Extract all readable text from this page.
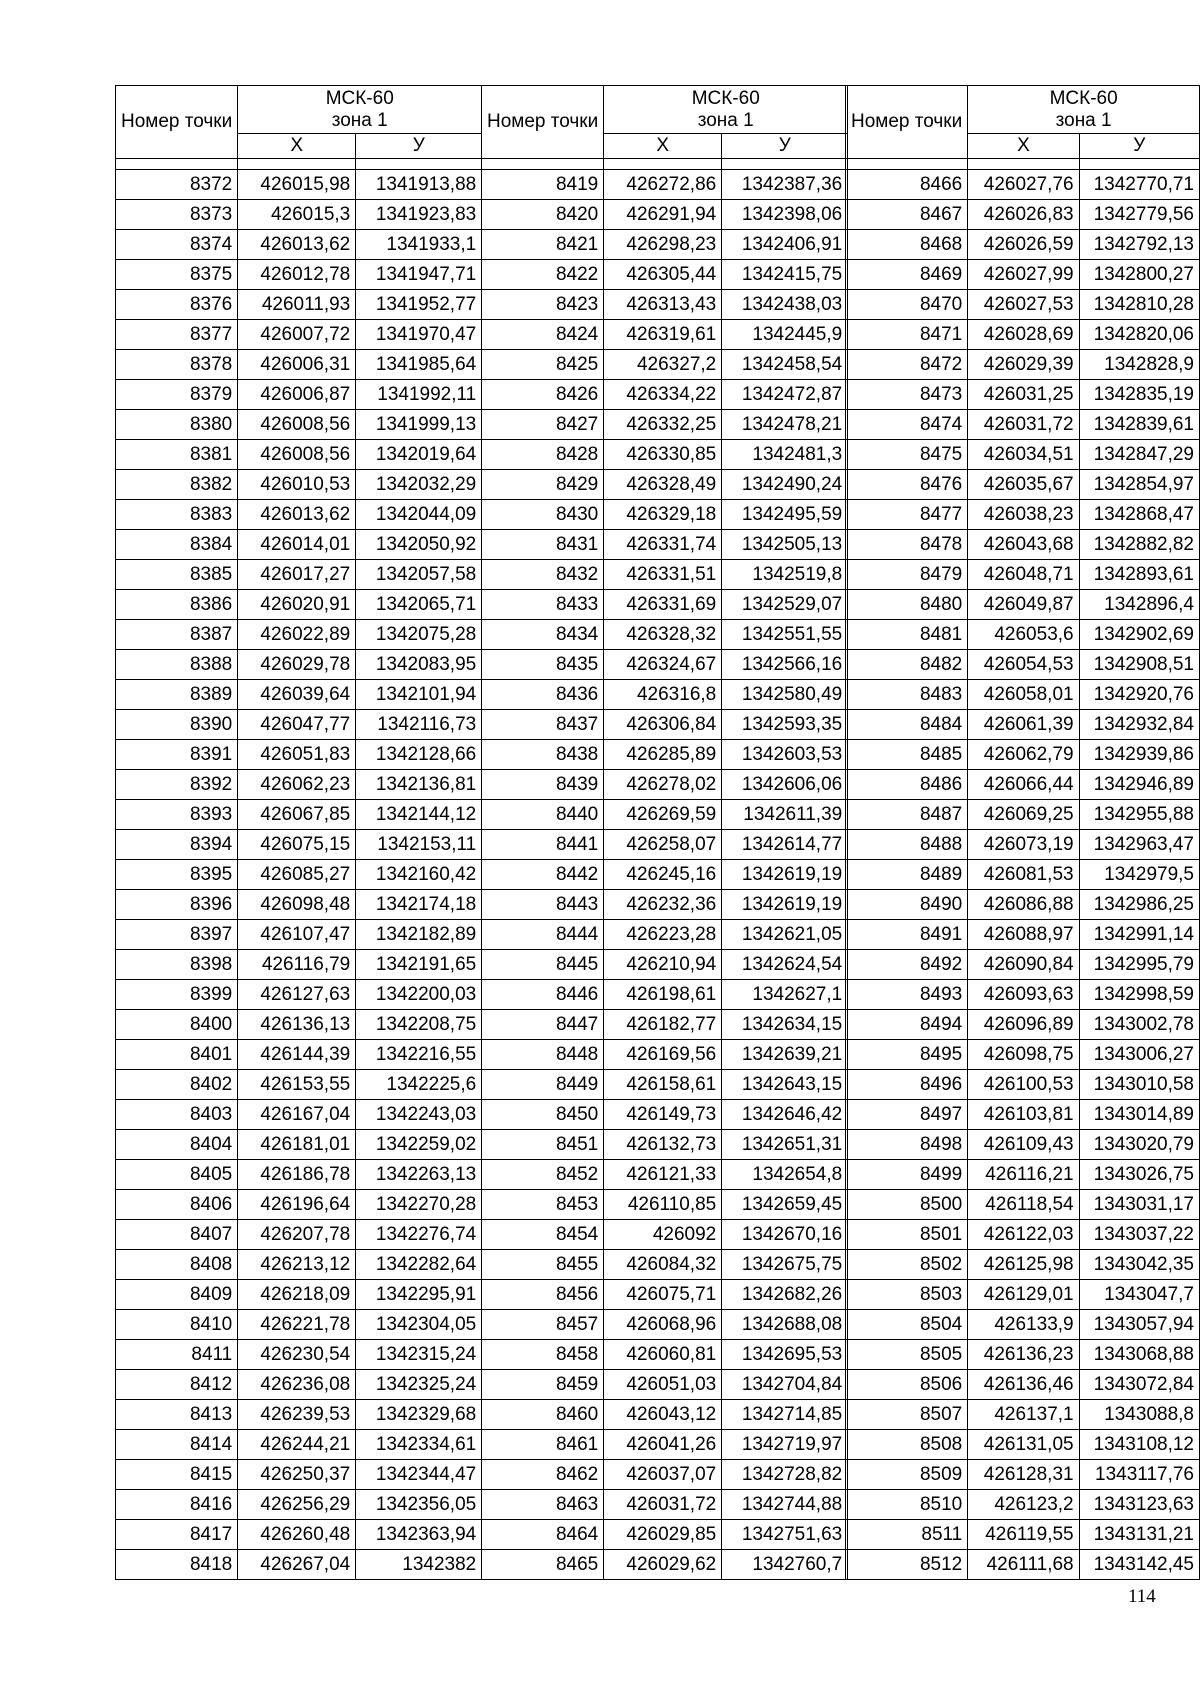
Номер точки	МСК-60
зона 1	

	Х	У

8372	426015,98	1341913,88
8373	426015,3	1341923,83
8374	426013,62	1341933,1
8375	426012,78	1341947,71
8376	426011,93	1341952,77
8377	426007,72	1341970,47
8378	426006,31	1341985,64
8379	426006,87	1341992,11
8380	426008,56	1341999,13
8381	426008,56	1342019,64
8382	426010,53	1342032,29
8383	426013,62	1342044,09
8384	426014,01	1342050,92
8385	426017,27	1342057,58
8386	426020,91	1342065,71
8387	426022,89	1342075,28
8388	426029,78	1342083,95
8389	426039,64	1342101,94
8390	426047,77	1342116,73
8391	426051,83	1342128,66
8392	426062,23	1342136,81
8393	426067,85	1342144,12
8394	426075,15	1342153,11
8395	426085,27	1342160,42
8396	426098,48	1342174,18
8397	426107,47	1342182,89
8398	426116,79	1342191,65
8399	426127,63	1342200,03
8400	426136,13	1342208,75
8401	426144,39	1342216,55
8402	426153,55	1342225,6
8403	426167,04	1342243,03
8404	426181,01	1342259,02
8405	426186,78	1342263,13
8406	426196,64	1342270,28
8407	426207,78	1342276,74
8408	426213,12	1342282,64
8409	426218,09	1342295,91
8410	426221,78	1342304,05
8411	426230,54	1342315,24
8412	426236,08	1342325,24
8413	426239,53	1342329,68
8414	426244,21	1342334,61
8415	426250,37	1342344,47
8416	426256,29	1342356,05
8417	426260,48	1342363,94
8418	426267,04	1342382
Номер точки	МСК-60
зона 1	

	Х	У

8419	426272,86	1342387,36
8420	426291,94	1342398,06
8421	426298,23	1342406,91
8422	426305,44	1342415,75
8423	426313,43	1342438,03
8424	426319,61	1342445,9
8425	426327,2	1342458,54
8426	426334,22	1342472,87
8427	426332,25	1342478,21
8428	426330,85	1342481,3
8429	426328,49	1342490,24
8430	426329,18	1342495,59
8431	426331,74	1342505,13
8432	426331,51	1342519,8
8433	426331,69	1342529,07
8434	426328,32	1342551,55
8435	426324,67	1342566,16
8436	426316,8	1342580,49
8437	426306,84	1342593,35
8438	426285,89	1342603,53
8439	426278,02	1342606,06
8440	426269,59	1342611,39
8441	426258,07	1342614,77
8442	426245,16	1342619,19
8443	426232,36	1342619,19
8444	426223,28	1342621,05
8445	426210,94	1342624,54
8446	426198,61	1342627,1
8447	426182,77	1342634,15
8448	426169,56	1342639,21
8449	426158,61	1342643,15
8450	426149,73	1342646,42
8451	426132,73	1342651,31
8452	426121,33	1342654,8
8453	426110,85	1342659,45
8454	426092	1342670,16
8455	426084,32	1342675,75
8456	426075,71	1342682,26
8457	426068,96	1342688,08
8458	426060,81	1342695,53
8459	426051,03	1342704,84
8460	426043,12	1342714,85
8461	426041,26	1342719,97
8462	426037,07	1342728,82
8463	426031,72	1342744,88
8464	426029,85	1342751,63
8465	426029,62	1342760,7
Номер точки	МСК-60
зона 1	

	Х	У

8466	426027,76	1342770,71
8467	426026,83	1342779,56
8468	426026,59	1342792,13
8469	426027,99	1342800,27
8470	426027,53	1342810,28
8471	426028,69	1342820,06
8472	426029,39	1342828,9
8473	426031,25	1342835,19
8474	426031,72	1342839,61
8475	426034,51	1342847,29
8476	426035,67	1342854,97
8477	426038,23	1342868,47
8478	426043,68	1342882,82
8479	426048,71	1342893,61
8480	426049,87	1342896,4
8481	426053,6	1342902,69
8482	426054,53	1342908,51
8483	426058,01	1342920,76
8484	426061,39	1342932,84
8485	426062,79	1342939,86
8486	426066,44	1342946,89
8487	426069,25	1342955,88
8488	426073,19	1342963,47
8489	426081,53	1342979,5
8490	426086,88	1342986,25
8491	426088,97	1342991,14
8492	426090,84	1342995,79
8493	426093,63	1342998,59
8494	426096,89	1343002,78
8495	426098,75	1343006,27
8496	426100,53	1343010,58
8497	426103,81	1343014,89
8498	426109,43	1343020,79
8499	426116,21	1343026,75
8500	426118,54	1343031,17
8501	426122,03	1343037,22
8502	426125,98	1343042,35
8503	426129,01	1343047,7
8504	426133,9	1343057,94
8505	426136,23	1343068,88
8506	426136,46	1343072,84
8507	426137,1	1343088,8
8508	426131,05	1343108,12
8509	426128,31	1343117,76
8510	426123,2	1343123,63
8511	426119,55	1343131,21
8512	426111,68	1343142,45
114
